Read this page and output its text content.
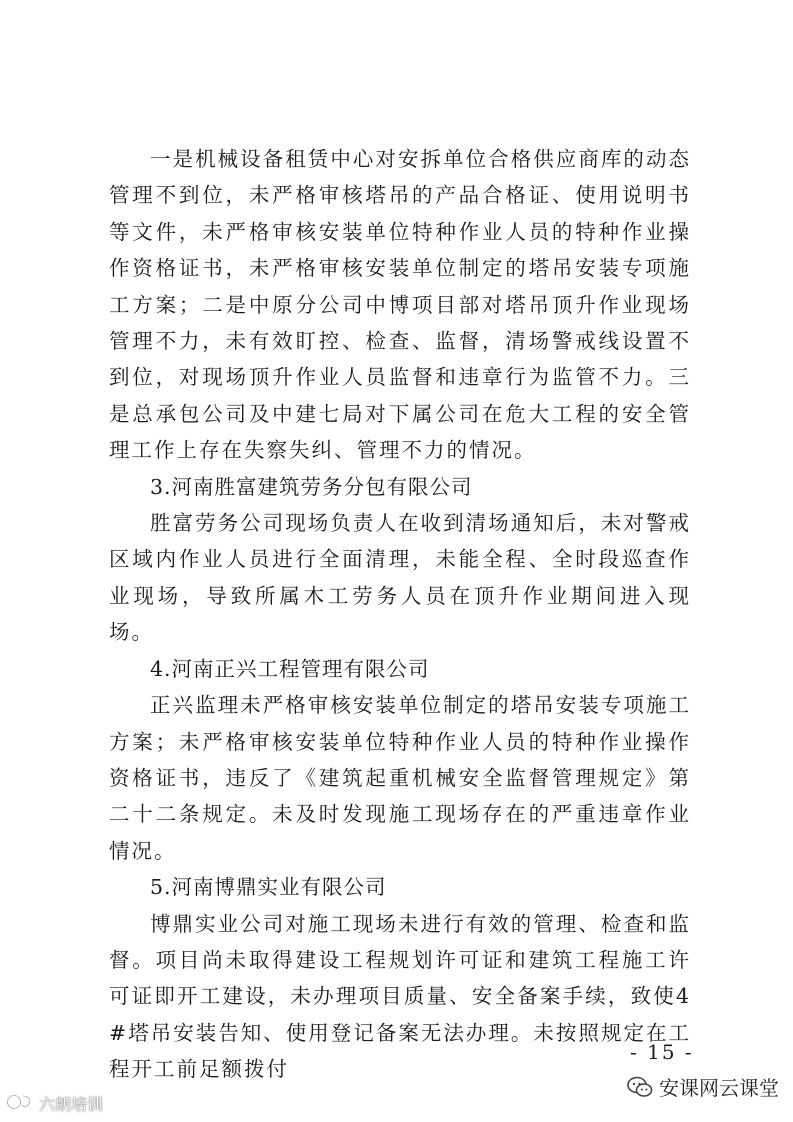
一是机械设备租赁中心对安拆单位合格供应商库的动态管理不到位，未严格审核塔吊的产品合格证、使用说明书等文件，未严格审核安装单位特种作业人员的特种作业操作资格证书，未严格审核安装单位制定的塔吊安装专项施工方案；二是中原分公司中博项目部对塔吊顶升作业现场管理不力，未有效盯控、检查、监督，清场警戒线设置不到位，对现场顶升作业人员监督和违章行为监管不力。三是总承包公司及中建七局对下属公司在危大工程的安全管理工作上存在失察失纠、管理不力的情况。

3.河南胜富建筑劳务分包有限公司

胜富劳务公司现场负责人在收到清场通知后，未对警戒区域内作业人员进行全面清理，未能全程、全时段巡查作业现场，导致所属木工劳务人员在顶升作业期间进入现场。

4.河南正兴工程管理有限公司

正兴监理未严格审核安装单位制定的塔吊安装专项施工方案；未严格审核安装单位特种作业人员的特种作业操作资格证书，违反了《建筑起重机械安全监督管理规定》第二十二条规定。未及时发现施工现场存在的严重违章作业情况。

5.河南博鼎实业有限公司

博鼎实业公司对施工现场未进行有效的管理、检查和监督。项目尚未取得建设工程规划许可证和建筑工程施工许可证即开工建设，未办理项目质量、安全备案手续，致使4#塔吊安装告知、使用登记备案无法办理。未按照规定在工程开工前足额拨付

- 15 -
安课网云课堂
六朗培训
